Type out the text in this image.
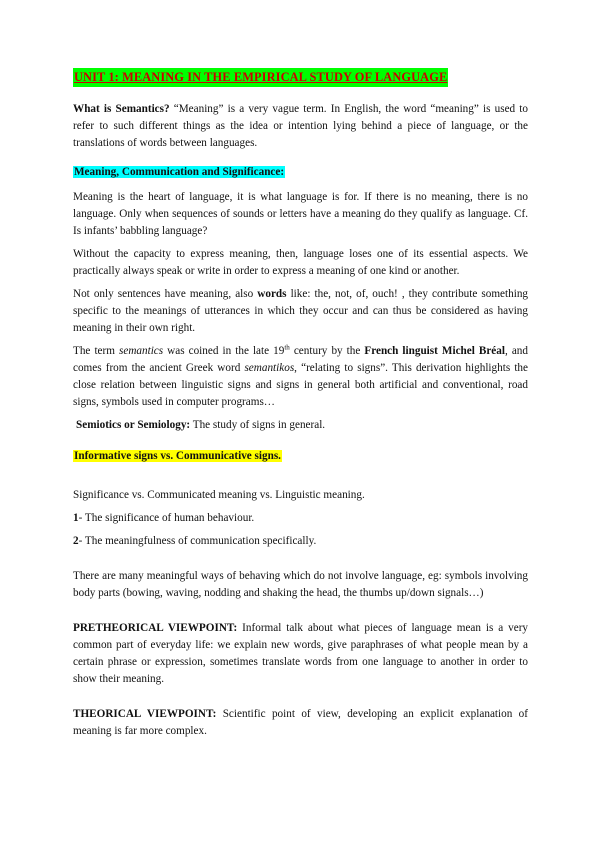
UNIT 1: MEANING IN THE EMPIRICAL STUDY OF LANGUAGE

What is Semantics? “Meaning” is a very vague term. In English, the word “meaning” is used to refer to such different things as the idea or intention lying behind a piece of language, or the translations of words between languages.

Meaning, Communication and Significance:

Meaning is the heart of language, it is what language is for. If there is no meaning, there is no language. Only when sequences of sounds or letters have a meaning do they qualify as language. Cf. Is infants’ babbling language?

Without the capacity to express meaning, then, language loses one of its essential aspects. We practically always speak or write in order to express a meaning of one kind or another.

Not only sentences have meaning, also words like: the, not, of, ouch! , they contribute something specific to the meanings of utterances in which they occur and can thus be considered as having meaning in their own right.

The term semantics was coined in the late 19th century by the French linguist Michel Bréal, and comes from the ancient Greek word semantikos, “relating to signs”. This derivation highlights the close relation between linguistic signs and signs in general both artificial and conventional, road signs, symbols used in computer programs…

Semiotics or Semiology: The study of signs in general.

Informative signs vs. Communicative signs.

Significance vs. Communicated meaning vs. Linguistic meaning.

1- The significance of human behaviour.

2- The meaningfulness of communication specifically.

There are many meaningful ways of behaving which do not involve language, eg: symbols involving body parts (bowing, waving, nodding and shaking the head, the thumbs up/down signals…)

PRETHEORICAL VIEWPOINT: Informal talk about what pieces of language mean is a very common part of everyday life: we explain new words, give paraphrases of what people mean by a certain phrase or expression, sometimes translate words from one language to another in order to show their meaning.

THEORICAL VIEWPOINT: Scientific point of view, developing an explicit explanation of meaning is far more complex.
